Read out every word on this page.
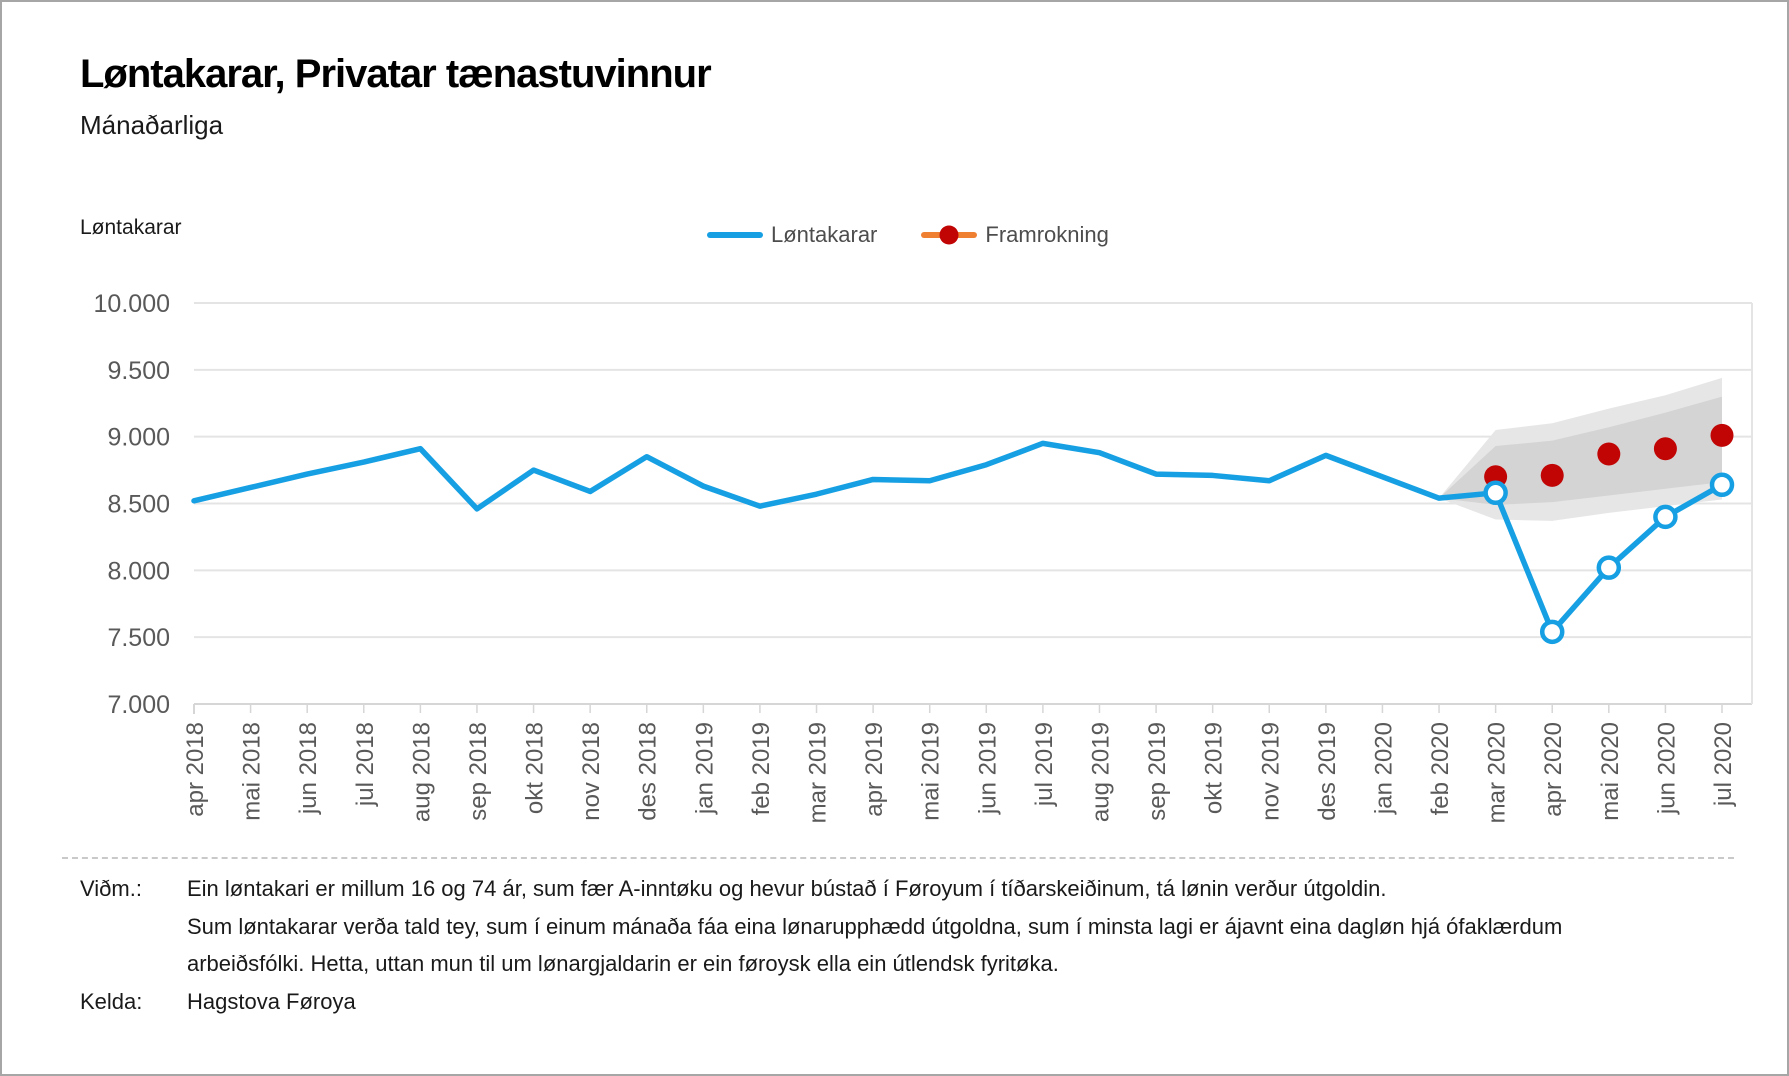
Løntakarar, Privatar tænastuvinnur
Mánaðarliga
Løntakarar	Løntakarar	Framrokning
7.000
7.500
8.000
8.500
9.000
9.500
10.000
apr 2018 mai 2018 jun 2018 jul 2018 aug 2018 sep 2018 okt 2018 nov 2018 des 2018 jan 2019 feb 2019 mar 2019 apr 2019 mai 2019 jun 2019 jul 2019 aug 2019 sep 2019 okt 2019 nov 2019 des 2019 jan 2020 feb 2020 mar 2020 apr 2020 mai 2020 jun 2020 jul 2020
Viðm.:	Ein løntakari er millum 16 og 74 ár, sum fær A-inntøku og hevur bústað í Føroyum í tíðarskeiðinum, tá lønin verður útgoldin.
Sum løntakarar verða tald tey, sum í einum mánaða fáa eina lønarupphædd útgoldna, sum í minsta lagi er ájavnt eina dagløn hjá ófaklærdum
arbeiðsfólki. Hetta, uttan mun til um lønargjaldarin er ein føroysk ella ein útlendsk fyritøka.
Kelda:	Hagstova Føroya
